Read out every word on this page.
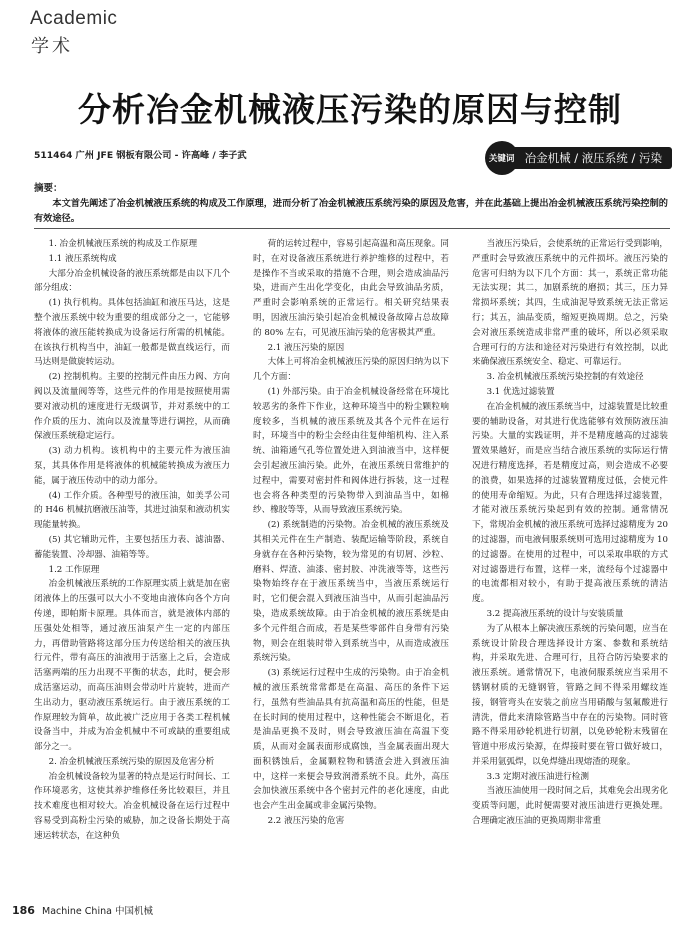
Academic
学术
分析冶金机械液压污染的原因与控制
511464 广州 JFE 钢板有限公司 - 许高峰 / 李子武	关键词 冶金机械 / 液压系统 / 污染
摘要：
本文首先阐述了冶金机械液压系统的构成及工作原理，进而分析了冶金机械液压系统污染的原因及危害，并在此基础上提出冶金机械液压系统污染控制的有效途径。

1. 冶金机械液压系统的构成及工作原理

1.1 液压系统构成

大部分冶金机械设备的液压系统都是由以下几个部分组成：

(1) 执行机构。具体包括油缸和液压马达，这是整个液压系统中较为重要的组成部分之一，它能够将液体的液压能转换成为设备运行所需的机械能。在该执行机构当中，油缸一般都是做直线运行，而马达则是做旋转运动。

(2) 控制机构。主要的控制元件由压力阀、方向阀以及流量阀等等，这些元件的作用是按照使用需要对液动机的速度进行无级调节，并对系统中的工作介质的压力、流向以及流量等进行调控，从而确保液压系统稳定运行。

(3) 动力机构。该机构中的主要元件为液压油泵，其具体作用是将液体的机械能转换成为液压力能，属于液压传动中的动力部分。

(4) 工作介质。各种型号的液压油，如美孚公司的 H46 机械抗磨液压油等，其进过油泵和液动机实现能量转换。

(5) 其它辅助元件，主要包括压力表、滤油器、蓄能装置、冷却器、油箱等等。

1.2 工作原理

冶金机械液压系统的工作原理实质上就是加在密闭液体上的压强可以大小不变地由液体向各个方向传递，即帕斯卡原理。具体而言，就是液体内部的压强处处相等，通过液压油泵产生一定的内部压力，再借助管路将这部分压力传送给相关的液压执行元件，带有高压的油液用于活塞上之后，会造成活塞两端的压力出现不平衡的状态，此时，便会形成活塞运动，而高压油则会带动叶片旋转，进而产生出动力，驱动液压系统运行。由于液压系统的工作原理较为简单，故此被广泛应用于各类工程机械设备当中，并成为冶金机械中不可或缺的重要组成部分之一。

2. 冶金机械液压系统污染的原因及危害分析

冶金机械设备较为显著的特点是运行时间长、工作环境恶劣，这使其养护维修任务比较艰巨，并且技术难度也相对较大。冶金机械设备在运行过程中容易受到高粉尘污染的威胁，加之设备长期处于高速运转状态，在这种负

荷的运转过程中，容易引起高温和高压现象。同时，在对设备液压系统进行养护维修的过程中，若是操作不当或采取的措施不合理，则会造成油品污染，进而产生出化学变化，由此会导致油品劣质，严重时会影响系统的正常运行。相关研究结果表明，因液压油污染引起冶金机械设备故障占总故障的 80% 左右，可见液压油污染的危害极其严重。

2.1 液压污染的原因

大体上可将冶金机械液压污染的原因归纳为以下几个方面：

(1) 外部污染。由于冶金机械设备经常在环境比较恶劣的条件下作业，这种环境当中的粉尘颗粒响度较多，当机械的液压系统及其各个元件在运行时，环境当中的粉尘会经由往复伸缩机构、注入系统、油箱通气孔等位置处进入到油液当中，这样便会引起液压油污染。此外，在液压系统日常维护的过程中，需要对密封件和阀体进行拆装，这一过程也会将各种类型的污染物带入到油品当中，如棉纱、橡胶等等，从而导致液压系统污染。

(2) 系统制造的污染物。冶金机械的液压系统及其相关元件在生产制造、装配运输等阶段，系统自身就存在各种污染物，较为常见的有切屑、沙粒、磨料、焊渣、油漆、密封胶、冲洗液等等，这些污染物始终存在于液压系统当中，当液压系统运行时，它们便会混入到液压油当中，从而引起油品污染，造成系统故障。由于冶金机械的液压系统是由多个元件组合而成，若是某些零部件自身带有污染物，则会在组装时带入到系统当中，从而造成液压系统污染。

(3) 系统运行过程中生成的污染物。由于冶金机械的液压系统常常都是在高温、高压的条件下运行，虽然有些油品具有抗高温和高压的性能，但是在长时间的使用过程中，这种性能会不断退化，若是油品更换不及时，则会导致液压油在高温下变质，从而对金属表面形成腐蚀，当金属表面出现大面积锈蚀后，金属颗粒物和锈渣会进入到液压油中，这样一来便会导致润滑系统不良。此外，高压会加快液压系统中各个密封元件的老化速度，由此也会产生出金属或非金属污染物。

2.2 液压污染的危害

当液压污染后，会使系统的正常运行受到影响，严重时会导致液压系统中的元件损坏。液压污染的危害可归纳为以下几个方面：其一，系统正常功能无法实现；其二，加剧系统的磨损；其三，压力异常损坏系统；其四，生成油泥导致系统无法正常运行；其五，油品变质，缩短更换周期。总之，污染会对液压系统造成非常严重的破坏，所以必须采取合理可行的方法和途径对污染进行有效控制，以此来确保液压系统安全、稳定、可靠运行。

3. 冶金机械液压系统污染控制的有效途径

3.1 优选过滤装置

在冶金机械的液压系统当中，过滤装置是比较重要的辅助设备，对其进行优选能够有效预防液压油污染。大量的实践证明，并不是精度越高的过滤装置效果越好，而是应当结合液压系统的实际运行情况进行精度选择，若是精度过高，则会造成不必要的浪费，如果选择的过滤装置精度过低，会使元件的使用寿命缩短。为此，只有合理选择过滤装置，才能对液压系统污染起到有效的控制。通常情况下，常规冶金机械的液压系统可选择过滤精度为 20 的过滤器，而电液伺服系统则可选用过滤精度为 10 的过滤器。在使用的过程中，可以采取串联的方式对过滤器进行布置，这样一来，流经每个过滤器中的电流都相对较小，有助于提高液压系统的清洁度。

3.2 提高液压系统的设计与安装质量

为了从根本上解决液压系统的污染问题，应当在系统设计阶段合理选择设计方案、参数和系统结构，并采取先进、合理可行，且符合防污染要求的液压系统。通常情况下，电液伺服系统应当采用不锈钢材质的无缝钢管，管路之间不得采用螺纹连接，钢管弯头在安装之前应当用硝酸与氢氟酸进行清洗，借此来清除管路当中存在的污染物。同时管路不得采用砂轮机进行切割，以免砂轮粉末残留在管道中形成污染源，在焊接时要在管口做好坡口，并采用氩弧焊，以免焊缝出现熔渣的现象。

3.3 定期对液压油进行检测

当液压油使用一段时间之后，其难免会出现劣化变质等问题，此时便需要对液压油进行更换处理。合理确定液压油的更换周期非常重

186 Machine China 中国机械
